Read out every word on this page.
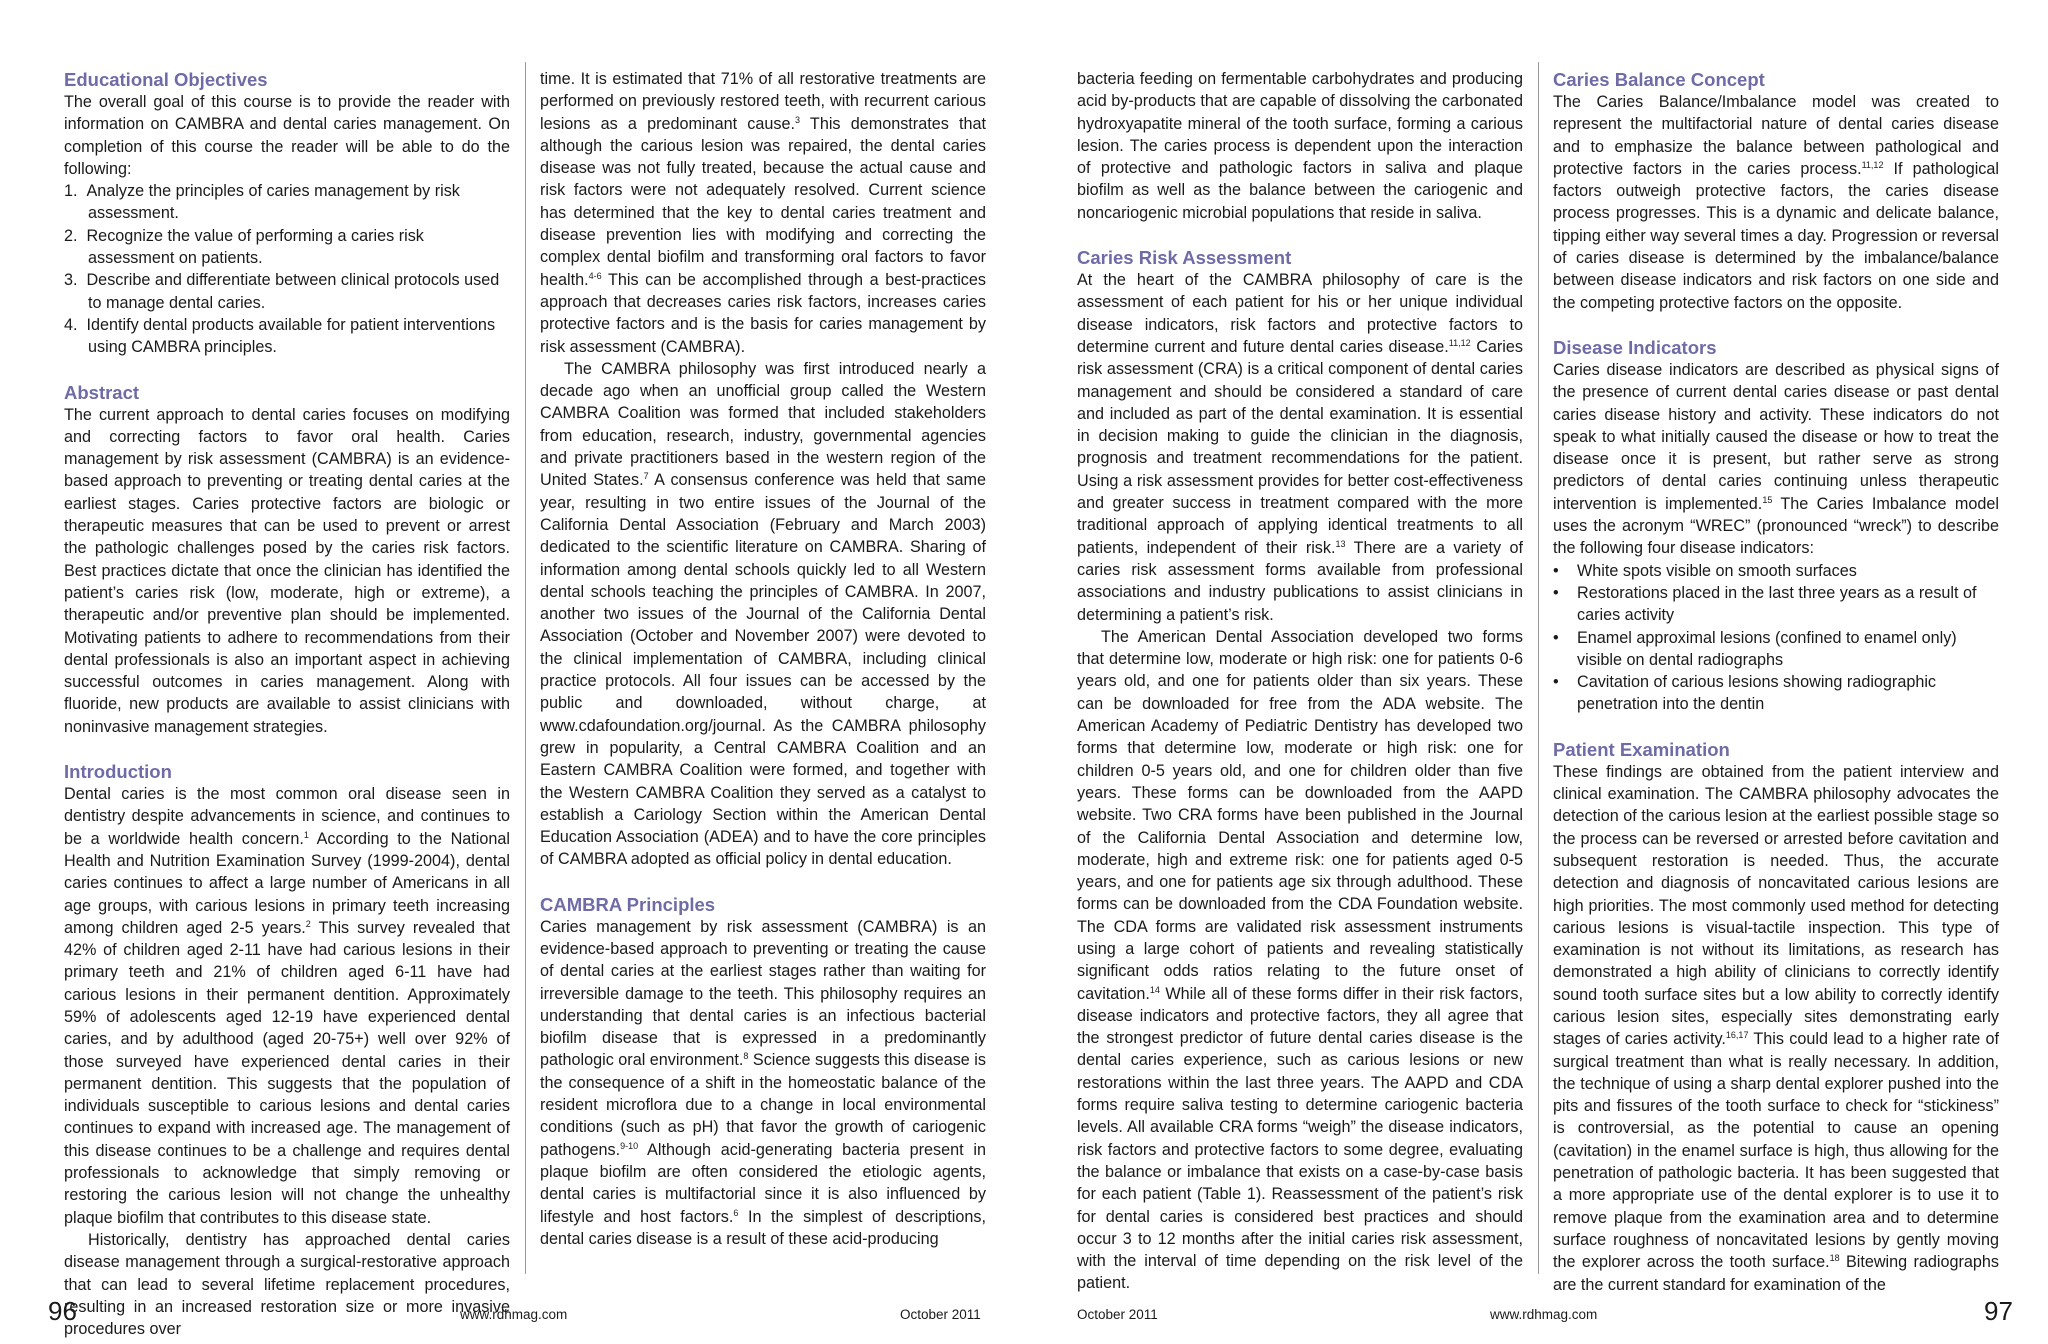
Educational Objectives

The overall goal of this course is to provide the reader with information on CAMBRA and dental caries management. On completion of this course the reader will be able to do the following:

1.  Analyze the principles of caries management by risk assessment.
2.  Recognize the value of performing a caries risk assessment on patients.
3.  Describe and differentiate between clinical protocols used to manage dental caries.
4.  Identify dental products available for patient interventions using CAMBRA principles.
Abstract

The current approach to dental caries focuses on modifying and correcting factors to favor oral health. Caries management by risk assessment (CAMBRA) is an evidence-based approach to preventing or treating dental caries at the earliest stages. Caries protective factors are biologic or therapeutic measures that can be used to prevent or arrest the pathologic challenges posed by the caries risk factors. Best practices dictate that once the clinician has identified the patient’s caries risk (low, moderate, high or extreme), a therapeutic and/or preventive plan should be implemented. Motivating patients to adhere to recommendations from their dental professionals is also an important aspect in achieving successful outcomes in caries management. Along with fluoride, new products are available to assist clinicians with noninvasive management strategies.

Introduction

Dental caries is the most common oral disease seen in dentistry despite advancements in science, and continues to be a worldwide health concern.$^1$ According to the National Health and Nutrition Examination Survey (1999-2004), dental caries continues to affect a large number of Americans in all age groups, with carious lesions in primary teeth increasing among children aged 2-5 years.$^2$ This survey revealed that 42% of children aged 2-11 have had carious lesions in their primary teeth and 21% of children aged 6-11 have had carious lesions in their permanent dentition. Approximately 59% of adolescents aged 12-19 have experienced dental caries, and by adulthood (aged 20-75+) well over 92% of those surveyed have experienced dental caries in their permanent dentition. This suggests that the population of individuals susceptible to carious lesions and dental caries continues to expand with increased age. The management of this disease continues to be a challenge and requires dental professionals to acknowledge that simply removing or restoring the carious lesion will not change the unhealthy plaque biofilm that contributes to this disease state.

Historically, dentistry has approached dental caries disease management through a surgical-restorative approach that can lead to several lifetime replacement procedures, resulting in an increased restoration size or more invasive procedures over

time. It is estimated that 71% of all restorative treatments are performed on previously restored teeth, with recurrent carious lesions as a predominant cause.$^3$ This demonstrates that although the carious lesion was repaired, the dental caries disease was not fully treated, because the actual cause and risk factors were not adequately resolved. Current science has determined that the key to dental caries treatment and disease prevention lies with modifying and correcting the complex dental biofilm and transforming oral factors to favor health.$^{4-6}$ This can be accomplished through a best-practices approach that decreases caries risk factors, increases caries protective factors and is the basis for caries management by risk assessment (CAMBRA).

The CAMBRA philosophy was first introduced nearly a decade ago when an unofficial group called the Western CAMBRA Coalition was formed that included stakeholders from education, research, industry, governmental agencies and private practitioners based in the western region of the United States.$^7$ A consensus conference was held that same year, resulting in two entire issues of the Journal of the California Dental Association (February and March 2003) dedicated to the scientific literature on CAMBRA. Sharing of information among dental schools quickly led to all Western dental schools teaching the principles of CAMBRA. In 2007, another two issues of the Journal of the California Dental Association (October and November 2007) were devoted to the clinical implementation of CAMBRA, including clinical practice protocols. All four issues can be accessed by the public and downloaded, without charge, at www.cdafoundation.org/journal. As the CAMBRA philosophy grew in popularity, a Central CAMBRA Coalition and an Eastern CAMBRA Coalition were formed, and together with the Western CAMBRA Coalition they served as a catalyst to establish a Cariology Section within the American Dental Education Association (ADEA) and to have the core principles of CAMBRA adopted as official policy in dental education.

CAMBRA Principles

Caries management by risk assessment (CAMBRA) is an evidence-based approach to preventing or treating the cause of dental caries at the earliest stages rather than waiting for irreversible damage to the teeth. This philosophy requires an understanding that dental caries is an infectious bacterial biofilm disease that is expressed in a predominantly pathologic oral environment.$^8$ Science suggests this disease is the consequence of a shift in the homeostatic balance of the resident microflora due to a change in local environmental conditions (such as pH) that favor the growth of cariogenic pathogens.$^{9-10}$ Although acid-generating bacteria present in plaque biofilm are often considered the etiologic agents, dental caries is multifactorial since it is also influenced by lifestyle and host factors.$^6$ In the simplest of descriptions, dental caries disease is a result of these acid-producing

bacteria feeding on fermentable carbohydrates and producing acid by-products that are capable of dissolving the carbonated hydroxyapatite mineral of the tooth surface, forming a carious lesion. The caries process is dependent upon the interaction of protective and pathologic factors in saliva and plaque biofilm as well as the balance between the cariogenic and noncariogenic microbial populations that reside in saliva.

Caries Risk Assessment

At the heart of the CAMBRA philosophy of care is the assessment of each patient for his or her unique individual disease indicators, risk factors and protective factors to determine current and future dental caries disease.$^{11,12}$ Caries risk assessment (CRA) is a critical component of dental caries management and should be considered a standard of care and included as part of the dental examination. It is essential in decision making to guide the clinician in the diagnosis, prognosis and treatment recommendations for the patient. Using a risk assessment provides for better cost-effectiveness and greater success in treatment compared with the more traditional approach of applying identical treatments to all patients, independent of their risk.$^{13}$ There are a variety of caries risk assessment forms available from professional associations and industry publications to assist clinicians in determining a patient’s risk.

The American Dental Association developed two forms that determine low, moderate or high risk: one for patients 0-6 years old, and one for patients older than six years. These can be downloaded for free from the ADA website. The American Academy of Pediatric Dentistry has developed two forms that determine low, moderate or high risk: one for children 0-5 years old, and one for children older than five years. These forms can be downloaded from the AAPD website. Two CRA forms have been published in the Journal of the California Dental Association and determine low, moderate, high and extreme risk: one for patients aged 0-5 years, and one for patients age six through adulthood. These forms can be downloaded from the CDA Foundation website. The CDA forms are validated risk assessment instruments using a large cohort of patients and revealing statistically significant odds ratios relating to the future onset of cavitation.$^{14}$ While all of these forms differ in their risk factors, disease indicators and protective factors, they all agree that the strongest predictor of future dental caries disease is the dental caries experience, such as carious lesions or new restorations within the last three years. The AAPD and CDA forms require saliva testing to determine cariogenic bacteria levels. All available CRA forms “weigh” the disease indicators, risk factors and protective factors to some degree, evaluating the balance or imbalance that exists on a case-by-case basis for each patient (Table 1). Reassessment of the patient’s risk for dental caries is considered best practices and should occur 3 to 12 months after the initial caries risk assessment, with the interval of time depending on the risk level of the patient.

Caries Balance Concept

The Caries Balance/Imbalance model was created to represent the multifactorial nature of dental caries disease and to emphasize the balance between pathological and protective factors in the caries process.$^{11,12}$ If pathological factors outweigh protective factors, the caries disease process progresses. This is a dynamic and delicate balance, tipping either way several times a day. Progression or reversal of caries disease is determined by the imbalance/balance between disease indicators and risk factors on one side and the competing protective factors on the opposite.

Disease Indicators

Caries disease indicators are described as physical signs of the presence of current dental caries disease or past dental caries disease history and activity. These indicators do not speak to what initially caused the disease or how to treat the disease once it is present, but rather serve as strong predictors of dental caries continuing unless therapeutic intervention is implemented.$^{15}$ The Caries Imbalance model uses the acronym “WREC” (pronounced “wreck”) to describe the following four disease indicators:

• White spots visible on smooth surfaces
• Restorations placed in the last three years as a result of caries activity
• Enamel approximal lesions (confined to enamel only) visible on dental radiographs
• Cavitation of carious lesions showing radiographic penetration into the dentin
Patient Examination

These findings are obtained from the patient interview and clinical examination. The CAMBRA philosophy advocates the detection of the carious lesion at the earliest possible stage so the process can be reversed or arrested before cavitation and subsequent restoration is needed. Thus, the accurate detection and diagnosis of noncavitated carious lesions are high priorities. The most commonly used method for detecting carious lesions is visual-tactile inspection. This type of examination is not without its limitations, as research has demonstrated a high ability of clinicians to correctly identify sound tooth surface sites but a low ability to correctly identify carious lesion sites, especially sites demonstrating early stages of caries activity.$^{16,17}$ This could lead to a higher rate of surgical treatment than what is really necessary. In addition, the technique of using a sharp dental explorer pushed into the pits and fissures of the tooth surface to check for “stickiness” is controversial, as the potential to cause an opening (cavitation) in the enamel surface is high, thus allowing for the penetration of pathologic bacteria. It has been suggested that a more appropriate use of the dental explorer is to use it to remove plaque from the examination area and to determine surface roughness of noncavitated lesions by gently moving the explorer across the tooth surface.$^{18}$ Bitewing radiographs are the current standard for examination of the

96	www.rdhmag.com	October 2011	October 2011	www.rdhmag.com	97
